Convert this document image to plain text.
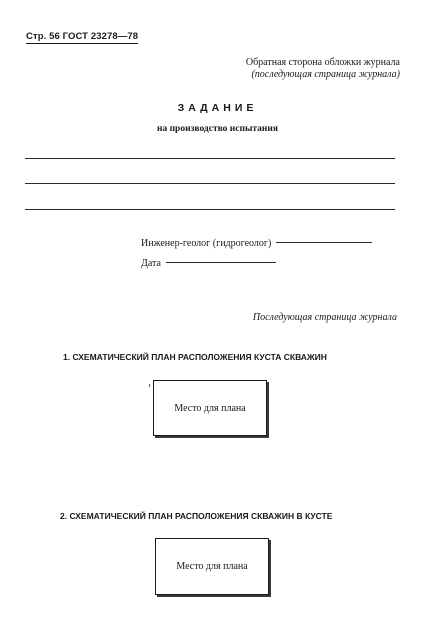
Стр. 56 ГОСТ 23278—78
Обратная сторона обложки журнала
(последующая страница журнала)
ЗАДАНИЕ
на производство испытания
Инженер-геолог (гидрогеолог)
Дата
Последующая страница журнала
1. СХЕМАТИЧЕСКИЙ ПЛАН РАСПОЛОЖЕНИЯ КУСТА СКВАЖИН
Место для плана
2. СХЕМАТИЧЕСКИЙ ПЛАН РАСПОЛОЖЕНИЯ СКВАЖИН В КУСТЕ
Место для плана
